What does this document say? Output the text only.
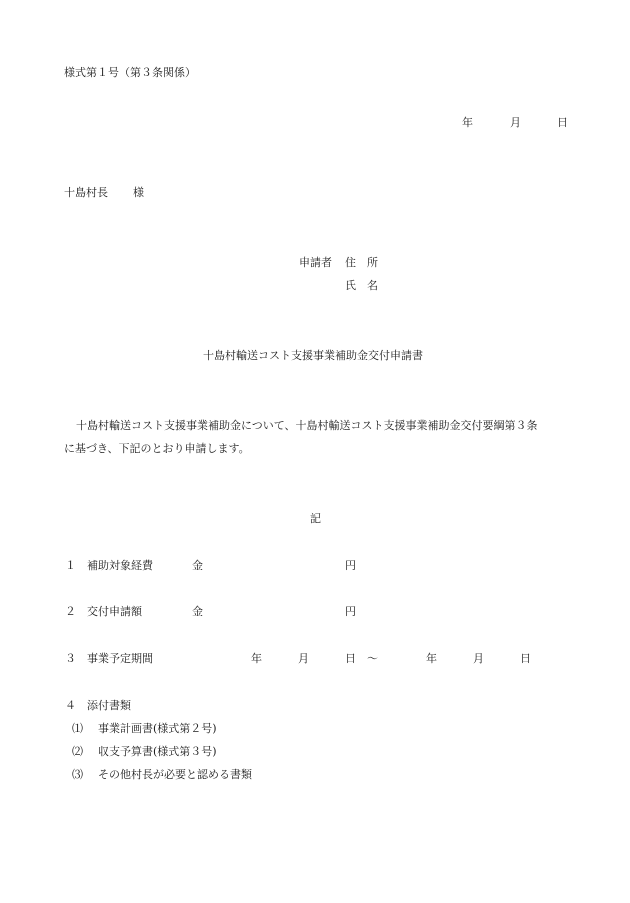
様式第１号（第３条関係）
年	月	日
十島村長 様
申請者 住　所
氏　名
十島村輸送コスト支援事業補助金交付申請書
十島村輸送コスト支援事業補助金について、十島村輸送コスト支援事業補助金交付要綱第３条
に基づき、下記のとおり申請します。
記
１ 補助対象経費	金	円
２ 交付申請額	金	円
３ 事業予定期間	年	月	日 ～	年	月	日
４ 添付書類
⑴ 事業計画書(様式第２号)
⑵ 収支予算書(様式第３号)
⑶ その他村長が必要と認める書類
